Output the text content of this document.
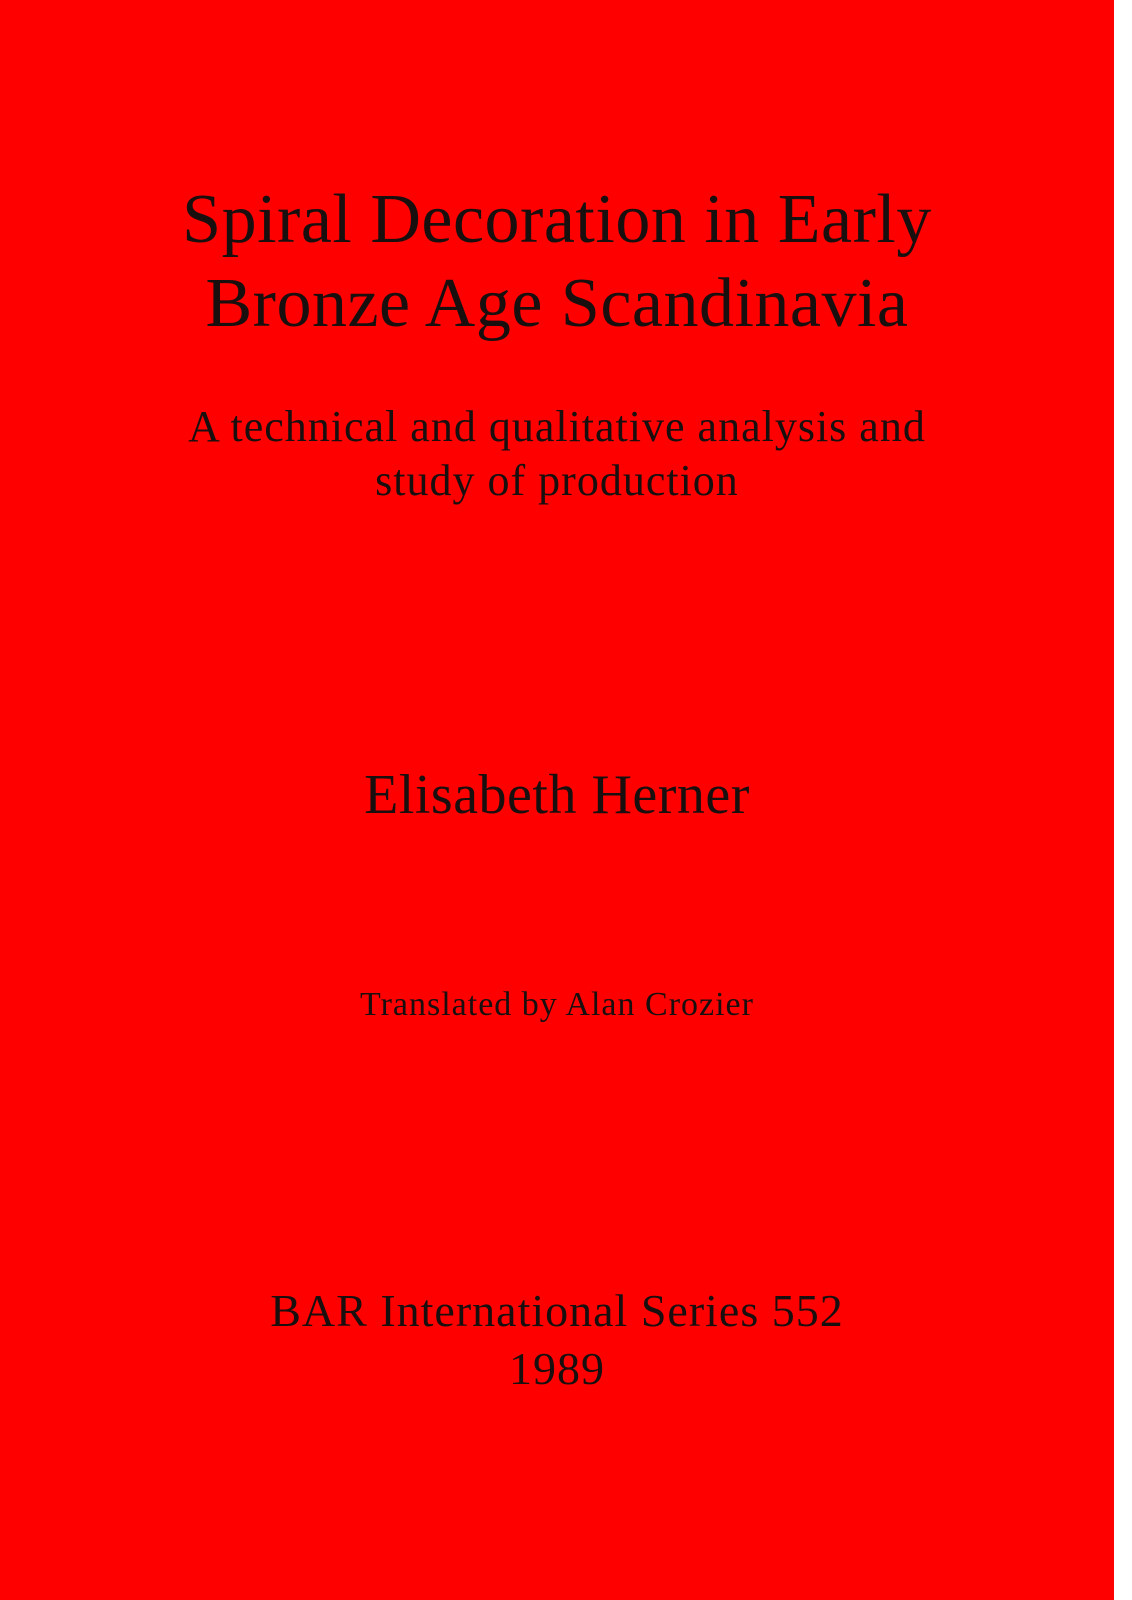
Spiral Decoration in Early
Bronze Age Scandinavia
A technical and qualitative analysis and
study of production
Elisabeth Herner
Translated by Alan Crozier
BAR International Series 552
1989
